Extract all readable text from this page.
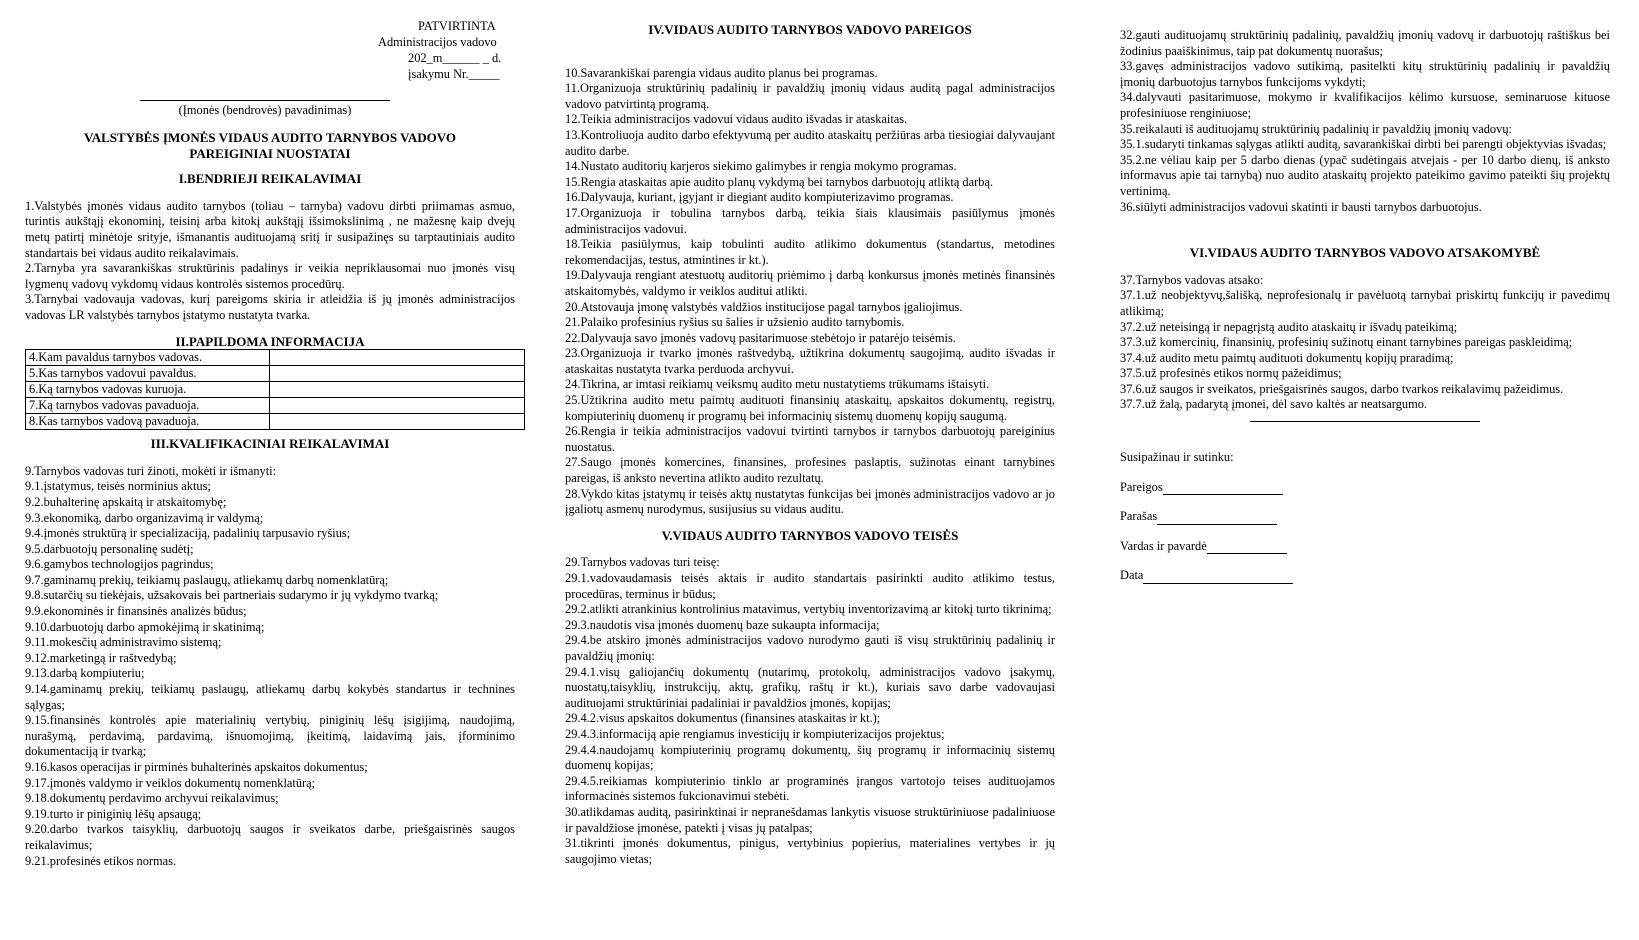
PATVIRTINTA
Administracijos vadovo
202_m______ _ d.
įsakymu Nr._____
(Įmonės (bendrovės) pavadinimas)

VALSTYBĖS ĮMONĖS VIDAUS AUDITO TARNYBOS VADOVO

PAREIGINIAI NUOSTATAI

I.BENDRIEJI REIKALAVIMAI

1.Valstybės įmonės vidaus audito tarnybos (toliau – tarnyba) vadovu dirbti priimamas asmuo, turintis aukštąjį ekonominį, teisinį arba kitokį aukštąjį išsimokslinimą , ne mažesnę kaip dvejų metų patirtį minėtoje srityje, išmanantis audituojamą sritį ir susipažinęs su tarptautiniais audito standartais bei vidaus audito reikalavimais.

2.Tarnyba yra savarankiškas struktūrinis padalinys ir veikia nepriklausomai nuo įmonės visų lygmenų vadovų vykdomų vidaus kontrolės sistemos procedūrų.

3.Tarnybai vadovauja vadovas, kurį pareigoms skiria ir atleidžia iš jų įmonės administracijos vadovas LR valstybės tarnybos įstatymo nustatyta tvarka.

II.PAPILDOMA INFORMACIJA

4.Kam pavaldus tarnybos vadovas.	
5.Kas tarnybos vadovui pavaldus.	
6.Ką tarnybos vadovas kuruoja.	
7.Ką tarnybos vadovas pavaduoja.	
8.Kas tarnybos vadovą pavaduoja.	

III.KVALIFIKACINIAI REIKALAVIMAI

9.Tarnybos vadovas turi žinoti, mokėti ir išmanyti:

9.1.įstatymus, teisės norminius aktus;

9.2.buhalterinę apskaitą ir atskaitomybę;

9.3.ekonomiką, darbo organizavimą ir valdymą;

9.4.įmonės struktūrą ir specializaciją, padalinių tarpusavio ryšius;

9.5.darbuotojų personalinę sudėtį;

9.6.gamybos technologijos pagrindus;

9.7.gaminamų prekių, teikiamų paslaugų, atliekamų darbų nomenklatūrą;

9.8.sutarčių su tiekėjais, užsakovais bei partneriais sudarymo ir jų vykdymo tvarką;

9.9.ekonominės ir finansinės analizės būdus;

9.10.darbuotojų darbo apmokėjimą ir skatinimą;

9.11.mokesčių administravimo sistemą;

9.12.marketingą ir raštvedybą;

9.13.darbą kompiuteriu;

9.14.gaminamų prekių, teikiamų paslaugų, atliekamų darbų kokybės standartus ir technines sąlygas;

9.15.finansinės kontrolės apie materialinių vertybių, piniginių lėšų įsigijimą, naudojimą, nurašymą, perdavimą, pardavimą, išnuomojimą, įkeitimą, laidavimą jais, įforminimo dokumentaciją ir tvarką;

9.16.kasos operacijas ir pirminės buhalterinės apskaitos dokumentus;

9.17.įmonės valdymo ir veiklos dokumentų nomenklatūrą;

9.18.dokumentų perdavimo archyvui reikalavimus;

9.19.turto ir piniginių lėšų apsaugą;

9.20.darbo tvarkos taisyklių, darbuotojų saugos ir sveikatos darbe, priešgaisrinės saugos reikalavimus;

9.21.profesinės etikos normas.

IV.VIDAUS AUDITO TARNYBOS VADOVO PAREIGOS

10.Savarankiškai parengia vidaus audito planus bei programas.

11.Organizuoja struktūrinių padalinių ir pavaldžių įmonių vidaus auditą pagal administracijos vadovo patvirtintą programą.

12.Teikia administracijos vadovui vidaus audito išvadas ir ataskaitas.

13.Kontroliuoja audito darbo efektyvumą per audito ataskaitų peržiūras arba tiesiogiai dalyvaujant audito darbe.

14.Nustato auditorių karjeros siekimo galimybes ir rengia mokymo programas.

15.Rengia ataskaitas apie audito planų vykdymą bei tarnybos darbuotojų atliktą darbą.

16.Dalyvauja, kuriant, įgyjant ir diegiant audito kompiuterizavimo programas.

17.Organizuoja ir tobulina tarnybos darbą, teikia šiais klausimais pasiūlymus įmonės administracijos vadovui.

18.Teikia pasiūlymus, kaip tobulinti audito atlikimo dokumentus (standartus, metodines rekomendacijas, testus, atmintines ir kt.).

19.Dalyvauja rengiant atestuotų auditorių priėmimo į darbą konkursus įmonės metinės finansinės atskaitomybės, valdymo ir veiklos auditui atlikti.

20.Atstovauja įmonę valstybės valdžios institucijose pagal tarnybos įgaliojimus.

21.Palaiko profesinius ryšius su šalies ir užsienio audito tarnybomis.

22.Dalyvauja savo įmonės vadovų pasitarimuose stebėtojo ir patarėjo teisėmis.

23.Organizuoja ir tvarko įmonės raštvedybą, užtikrina dokumentų saugojimą, audito išvadas ir ataskaitas nustatyta tvarka perduoda archyvui.

24.Tikrina, ar imtasi reikiamų veiksmų audito metu nustatytiems trūkumams ištaisyti.

25.Užtikrina audito metu paimtų audituoti finansinių ataskaitų, apskaitos dokumentų, registrų, kompiuterinių duomenų ir programų bei informacinių sistemų duomenų kopijų saugumą.

26.Rengia ir teikia administracijos vadovui tvirtinti tarnybos ir tarnybos darbuotojų pareiginius nuostatus.

27.Saugo įmonės komercines, finansines, profesines paslaptis, sužinotas einant tarnybines pareigas, iš anksto nevertina atlikto audito rezultatų.

28.Vykdo kitas įstatymų ir teisės aktų nustatytas funkcijas bei įmonės administracijos vadovo ar jo įgaliotų asmenų nurodymus, susijusius su vidaus auditu.

V.VIDAUS AUDITO TARNYBOS VADOVO TEISĖS

29.Tarnybos vadovas turi teisę:

29.1.vadovaudamasis teisės aktais ir audito standartais pasirinkti audito atlikimo testus, procedūras, terminus ir būdus;

29.2.atlikti atrankinius kontrolinius matavimus, vertybių inventorizavimą ar kitokį turto tikrinimą;

29.3.naudotis visa įmonės duomenų baze sukaupta informacija;

29.4.be atskiro įmonės administracijos vadovo nurodymo gauti iš visų struktūrinių padalinių ir pavaldžių įmonių:

29.4.1.visų galiojančių dokumentų (nutarimų, protokolų, administracijos vadovo įsakymų, nuostatų,taisyklių, instrukcijų, aktų, grafikų, raštų ir kt.), kuriais savo darbe vadovaujasi audituojami struktūriniai padaliniai ir pavaldžios įmonės, kopijas;

29.4.2.visus apskaitos dokumentus (finansines ataskaitas ir kt.);

29.4.3.informaciją apie rengiamus investicijų ir kompiuterizacijos projektus;

29.4.4.naudojamų kompiuterinių programų dokumentų, šių programų ir informacinių sistemų duomenų kopijas;

29.4.5.reikiamas kompiuterinio tinklo ar programinės įrangos vartotojo teises audituojamos informacinės sistemos fukcionavimui stebėti.

30.atlikdamas auditą, pasirinktinai ir nepranešdamas lankytis visuose struktūriniuose padaliniuose ir pavaldžiose įmonėse, patekti į visas jų patalpas;

31.tikrinti įmonės dokumentus, pinigus, vertybinius popierius, materialines vertybes ir jų saugojimo vietas;

32.gauti audituojamų struktūrinių padalinių, pavaldžių įmonių vadovų ir darbuotojų raštiškus bei žodinius paaiškinimus, taip pat dokumentų nuorašus;

33.gavęs administracijos vadovo sutikimą, pasitelkti kitų struktūrinių padalinių ir pavaldžių įmonių darbuotojus tarnybos funkcijoms vykdyti;

34.dalyvauti pasitarimuose, mokymo ir kvalifikacijos kėlimo kursuose, seminaruose kituose profesiniuose renginiuose;

35.reikalauti iš audituojamų struktūrinių padalinių ir pavaldžių įmonių vadovų:

35.1.sudaryti tinkamas sąlygas atlikti auditą, savarankiškai dirbti bei parengti objektyvias išvadas;

35.2.ne vėliau kaip per 5 darbo dienas (ypač sudėtingais atvejais - per 10 darbo dienų, iš anksto informavus apie tai tarnybą) nuo audito ataskaitų projekto pateikimo gavimo pateikti šių projektų vertinimą.

36.siūlyti administracijos vadovui skatinti ir bausti tarnybos darbuotojus.

VI.VIDAUS AUDITO TARNYBOS VADOVO ATSAKOMYBĖ

37.Tarnybos vadovas atsako:

37.1.už neobjektyvų,šališką, neprofesionalų ir pavėluotą tarnybai priskirtų funkcijų ir pavedimų atlikimą;

37.2.už neteisingą ir nepagrįstą audito ataskaitų ir išvadų pateikimą;

37.3.už komercinių, finansinių, profesinių sužinotų einant tarnybines pareigas paskleidimą;

37.4.už audito metu paimtų audituoti dokumentų kopijų praradimą;

37.5.už profesinės etikos normų pažeidimus;

37.6.už saugos ir sveikatos, priešgaisrinės saugos, darbo tvarkos reikalavimų pažeidimus.

37.7.už žalą, padarytą įmonei, dėl savo kaltės ar neatsargumo.

Susipažinau ir sutinku:

Pareigos
Parašas
Vardas ir pavardė
Data
